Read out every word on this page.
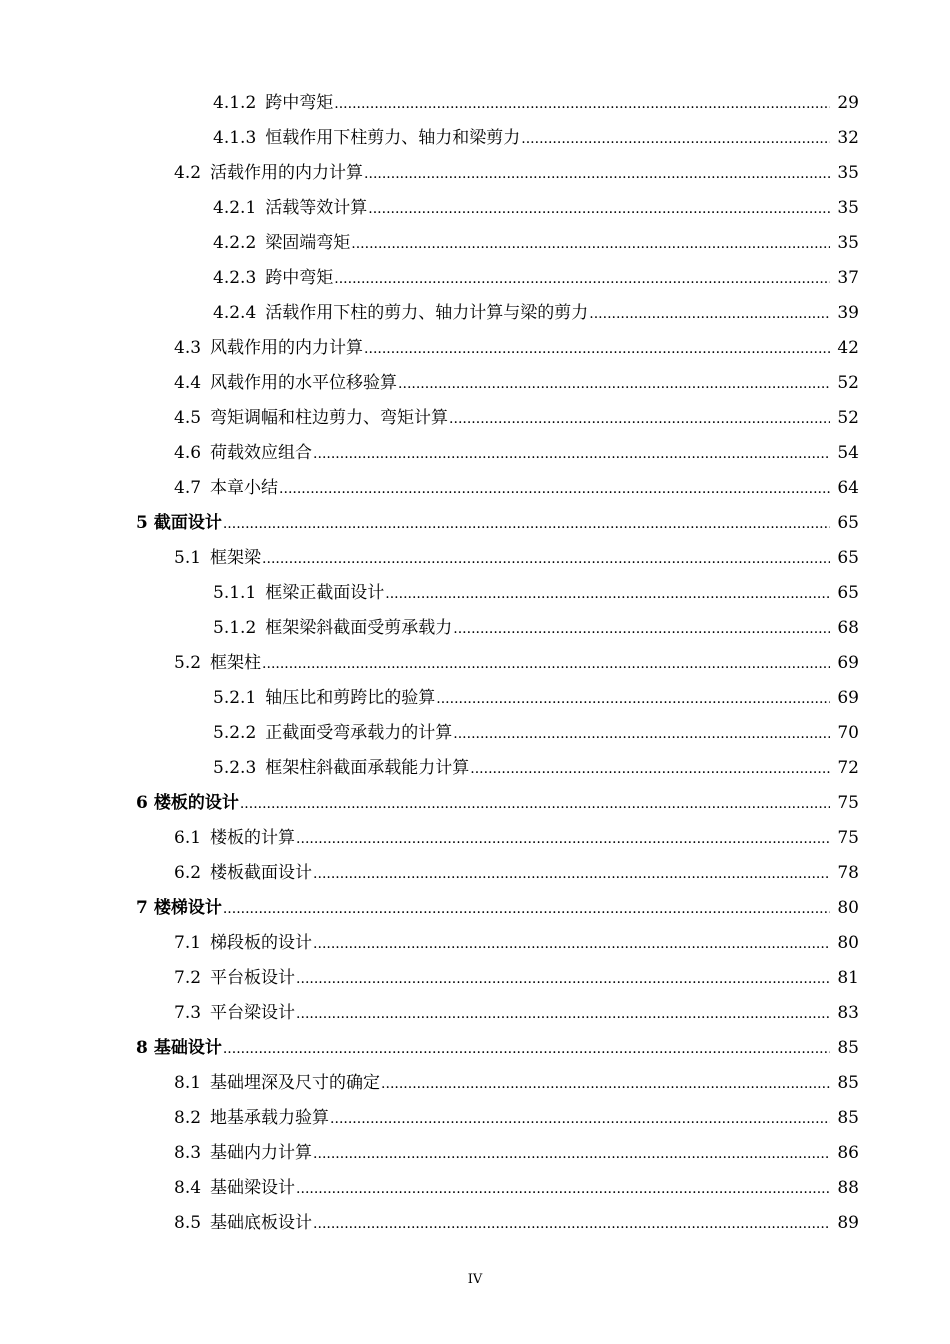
4.1.2 跨中弯矩 .....	29
4.1.3 恒载作用下柱剪力、轴力和梁剪力 .....	32
4.2 活载作用的内力计算 .....	35
4.2.1 活载等效计算 .....	35
4.2.2 梁固端弯矩 .....	35
4.2.3 跨中弯矩 .....	37
4.2.4 活载作用下柱的剪力、轴力计算与梁的剪力 .....	39
4.3 风载作用的内力计算 .....	42
4.4 风载作用的水平位移验算 .....	52
4.5 弯矩调幅和柱边剪力、弯矩计算 .....	52
4.6 荷载效应组合 .....	54
4.7 本章小结 .....	64
5 截面设计 .....	65
5.1 框架梁 .....	65
5.1.1 框梁正截面设计 .....	65
5.1.2 框架梁斜截面受剪承载力 .....	68
5.2 框架柱 .....	69
5.2.1 轴压比和剪跨比的验算 .....	69
5.2.2 正截面受弯承载力的计算 .....	70
5.2.3 框架柱斜截面承载能力计算 .....	72
6 楼板的设计 .....	75
6.1 楼板的计算 .....	75
6.2 楼板截面设计 .....	78
7 楼梯设计 .....	80
7.1 梯段板的设计 .....	80
7.2 平台板设计 .....	81
7.3 平台梁设计 .....	83
8 基础设计 .....	85
8.1 基础埋深及尺寸的确定 .....	85
8.2 地基承载力验算 .....	85
8.3 基础内力计算 .....	86
8.4 基础梁设计 .....	88
8.5 基础底板设计 .....	89
IV
